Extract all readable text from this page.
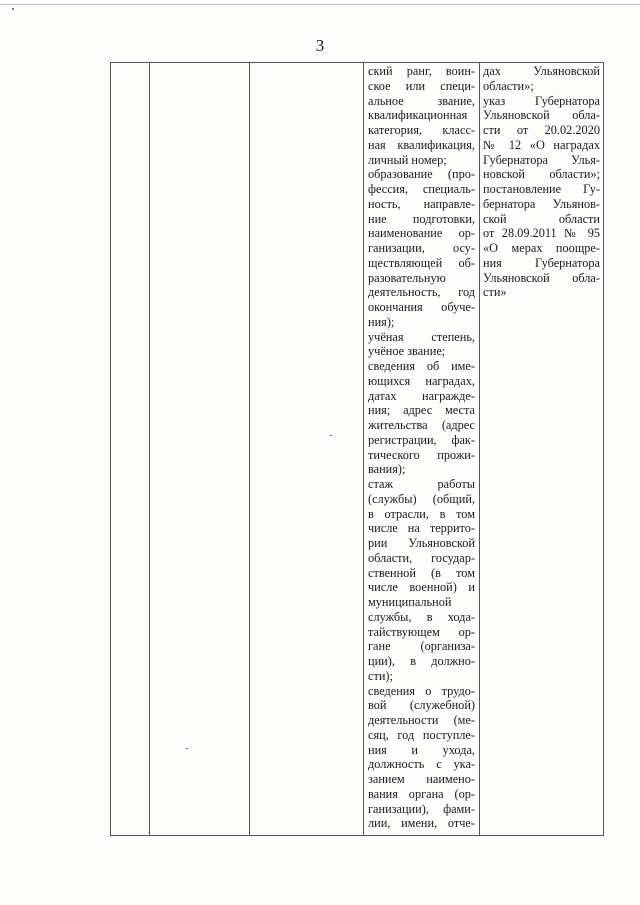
3
ский ранг, воин-
ское или специ-
альное звание,
квалификационная
категория, класс-
ная квалификация,
личный номер;
образование (про-
фессия, специаль-
ность, направле-
ние подготовки,
наименование ор-
ганизации, осу-
ществляющей об-
разовательную
деятельность, год
окончания обуче-
ния);
учёная степень,
учёное звание;
сведения об име-
ющихся наградах,
датах награжде-
ния; адрес места
жительства (адрес
регистрации, фак-
тического прожи-
вания);
стаж работы
(службы) (общий,
в отрасли, в том
числе на террито-
рии Ульяновской
области, государ-
ственной (в том
числе военной) и
муниципальной
службы, в хода-
тайствующем ор-
гане (организа-
ции), в должно-
сти);
сведения о трудо-
вой (служебной)
деятельности (ме-
сяц, год поступле-
ния и ухода,
должность с ука-
занием наимено-
вания органа (ор-
ганизации), фами-
лии, имени, отче-
дах Ульяновской
области»;
указ Губернатора
Ульяновской обла-
сти от 20.02.2020
№ 12 «О наградах
Губернатора Улья-
новской области»;
постановление Гу-
бернатора Ульянов-
ской области
от 28.09.2011 № 95
«О мерах поощре-
ния Губернатора
Ульяновской обла-
сти»
